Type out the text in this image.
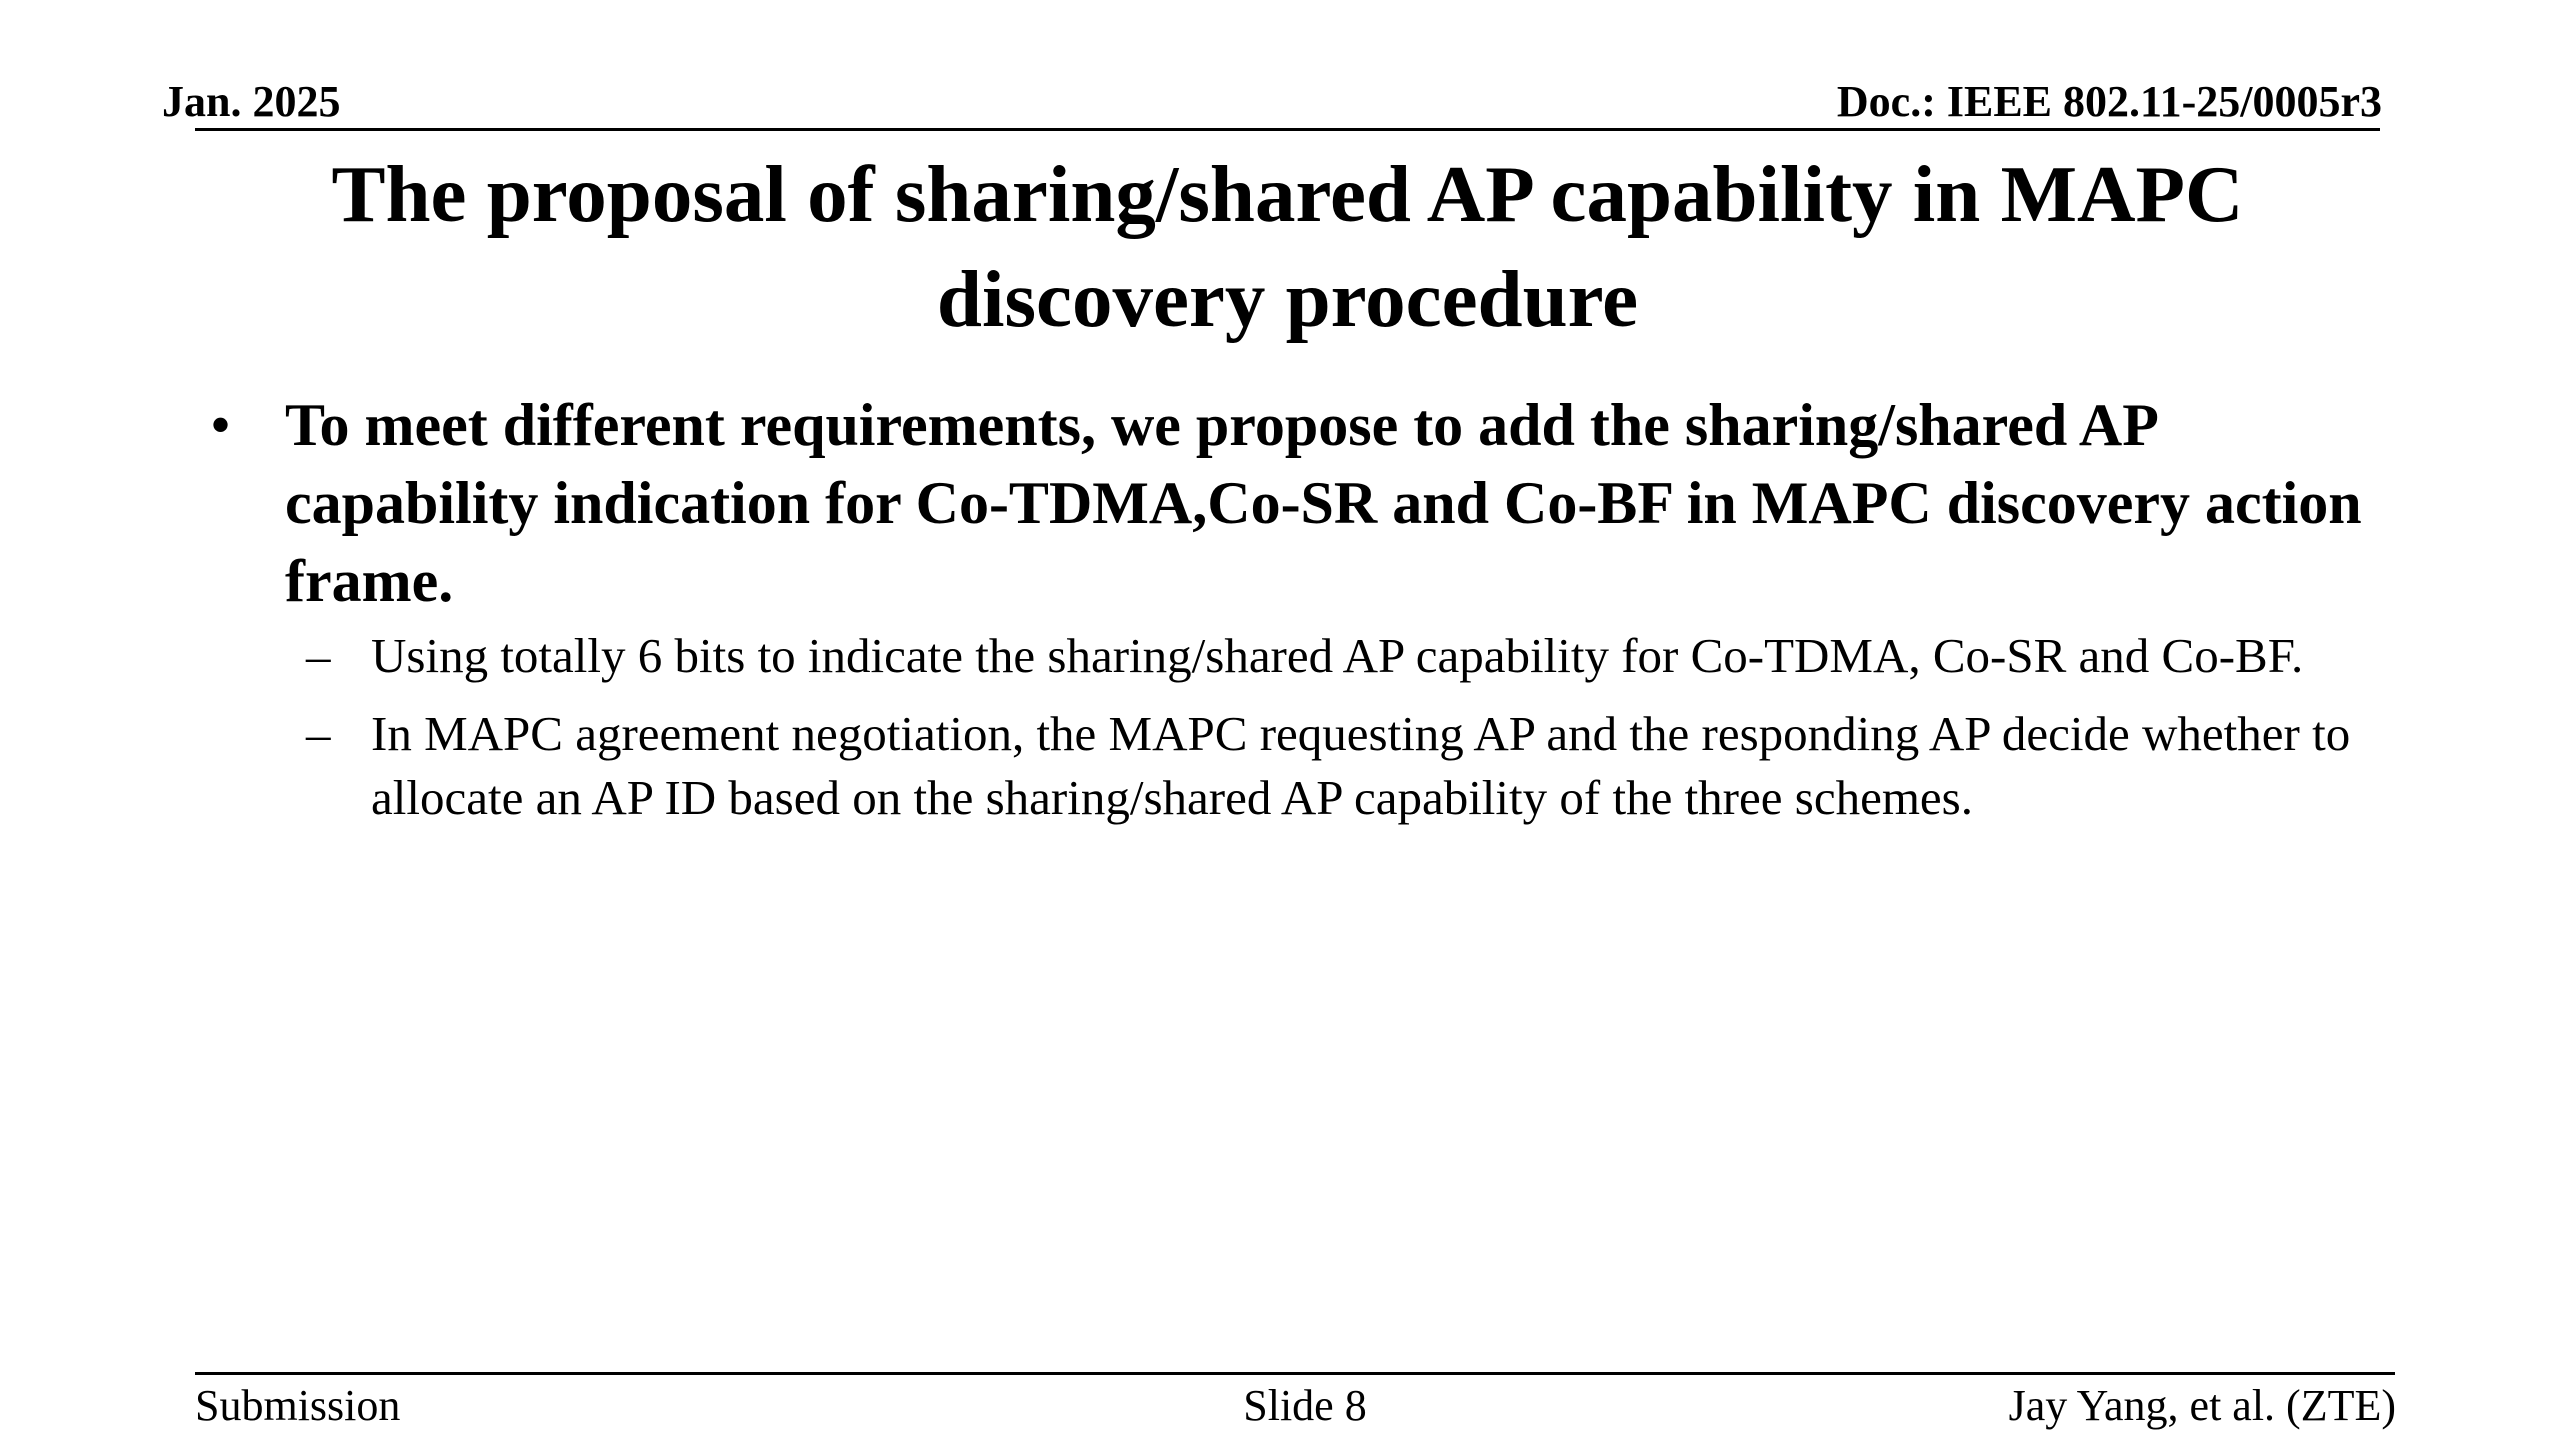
Jan. 2025	Doc.: IEEE 802.11-25/0005r3
The proposal of sharing/shared AP capability in MAPC
discovery procedure
• To meet different requirements, we propose to add the sharing/shared AP capability indication for Co-TDMA,Co-SR and Co-BF in MAPC discovery action frame.
– Using totally 6 bits to indicate the sharing/shared AP capability for Co-TDMA, Co-SR and Co-BF.
– In MAPC agreement negotiation, the MAPC requesting AP and the responding AP decide whether to allocate an AP ID based on the sharing/shared AP capability of the three schemes.
Submission	Slide 8	Jay Yang, et al. (ZTE)
